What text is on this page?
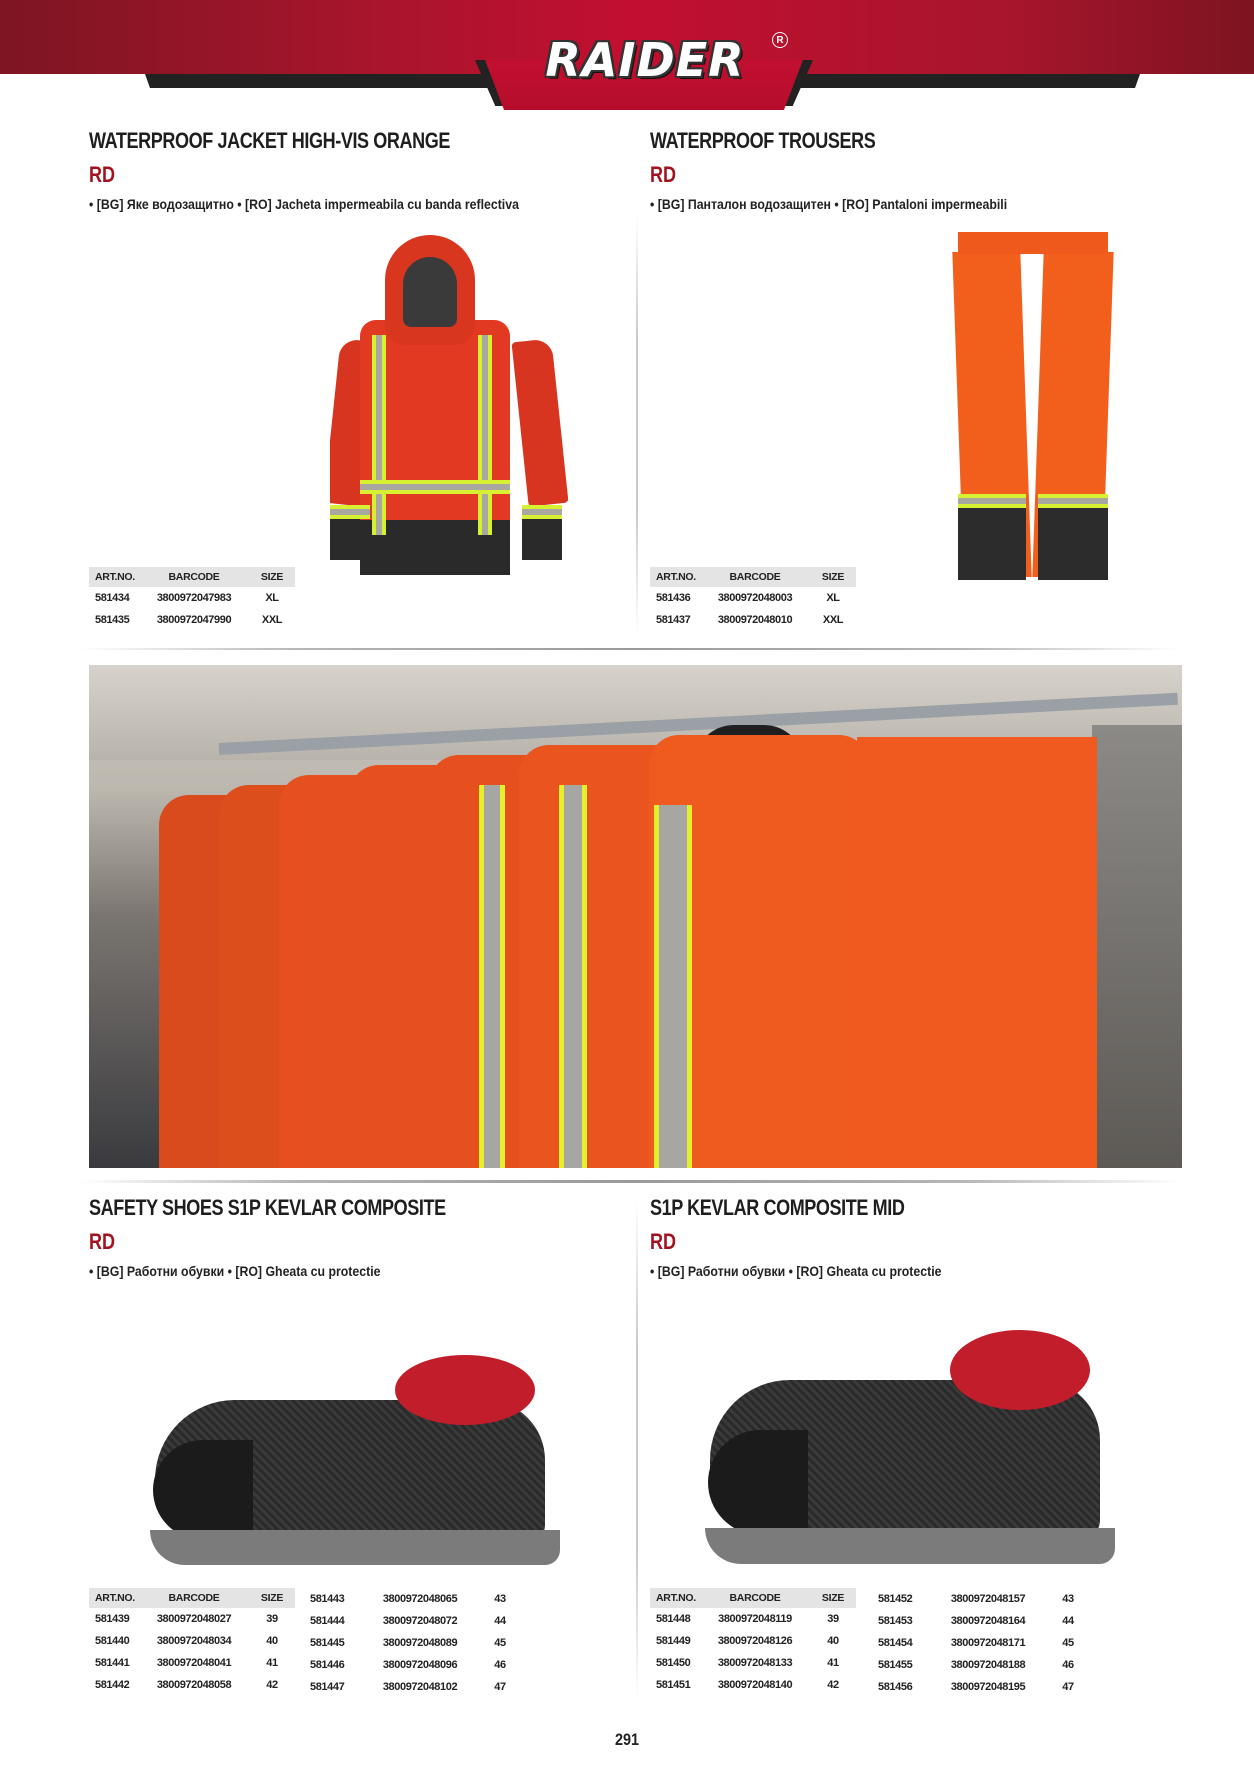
RAIDER	R
WATERPROOF JACKET HIGH-VIS ORANGE
RD
• [BG] Яке водозащитно • [RO] Jacheta impermeabila cu banda reflectiva
ART.NO.	BARCODE	SIZE
581434	3800972047983	XL
581435	3800972047990	XXL
WATERPROOF TROUSERS
RD
• [BG] Панталон водозащитен • [RO] Pantaloni impermeabili
ART.NO.	BARCODE	SIZE
581436	3800972048003	XL
581437	3800972048010	XXL
SAFETY SHOES S1P KEVLAR COMPOSITE
RD
• [BG] Работни обувки • [RO] Gheata cu protectie
ART.NO.	BARCODE	SIZE
581439	3800972048027	39
581440	3800972048034	40
581441	3800972048041	41
581442	3800972048058	42
581443	3800972048065	43
581444	3800972048072	44
581445	3800972048089	45
581446	3800972048096	46
581447	3800972048102	47
S1P KEVLAR COMPOSITE MID
RD
• [BG] Работни обувки • [RO] Gheata cu protectie
ART.NO.	BARCODE	SIZE
581448	3800972048119	39
581449	3800972048126	40
581450	3800972048133	41
581451	3800972048140	42
581452	3800972048157	43
581453	3800972048164	44
581454	3800972048171	45
581455	3800972048188	46
581456	3800972048195	47
291
